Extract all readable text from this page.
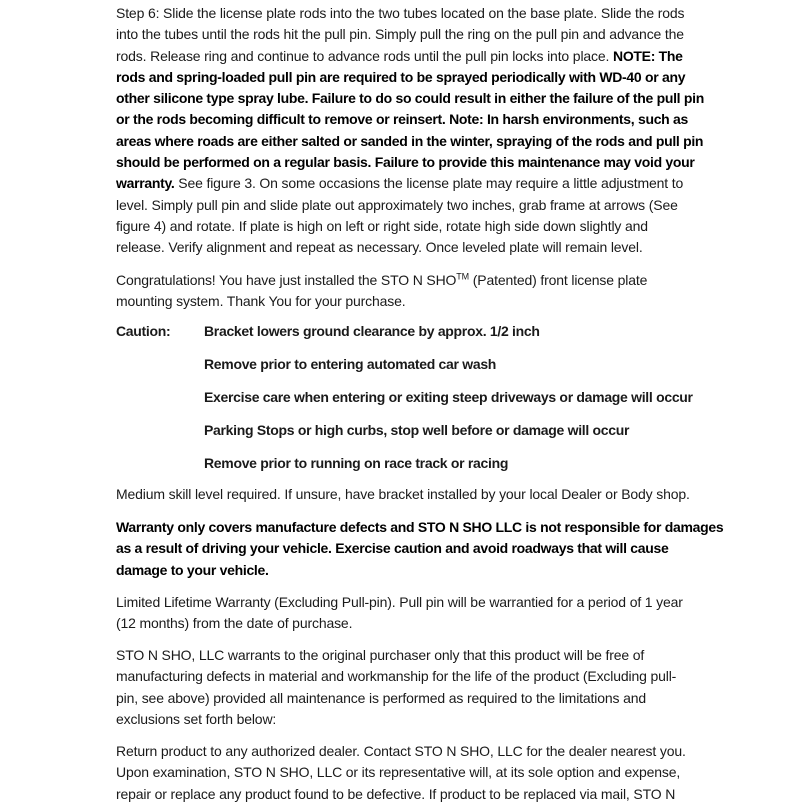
Caution: Bracket lowers ground clearance by approx. 1/2 inch
Remove prior to entering automated car wash
Exercise care when entering or exiting steep driveways or damage will occur
Parking Stops or high curbs, stop well before or damage will occur
Remove prior to running on race track or racing
Step 6: Slide the license plate rods into the two tubes located on the base plate. Slide the rods
into the tubes until the rods hit the pull pin. Simply pull the ring on the pull pin and advance the
rods. Release ring and continue to advance rods until the pull pin locks into place. NOTE: The
rods and spring-loaded pull pin are required to be sprayed periodically with WD-40 or any
other silicone type spray lube. Failure to do so could result in either the failure of the pull pin
or the rods becoming difficult to remove or reinsert. Note: In harsh environments, such as
areas where roads are either salted or sanded in the winter, spraying of the rods and pull pin
should be performed on a regular basis. Failure to provide this maintenance may void your
warranty. See figure 3. On some occasions the license plate may require a little adjustment to
level. Simply pull pin and slide plate out approximately two inches, grab frame at arrows (See
figure 4) and rotate. If plate is high on left or right side, rotate high side down slightly and
release. Verify alignment and repeat as necessary. Once leveled plate will remain level.
Congratulations! You have just installed the STO N SHO™ (Patented) front license plate
mounting system. Thank You for your purchase.
Medium skill level required. If unsure, have bracket installed by your local Dealer or Body shop.
Warranty only covers manufacture defects and STO N SHO LLC is not responsible for damages
as a result of driving your vehicle. Exercise caution and avoid roadways that will cause
damage to your vehicle.
Limited Lifetime Warranty (Excluding Pull-pin). Pull pin will be warrantied for a period of 1 year
(12 months) from the date of purchase.
STO N SHO, LLC warrants to the original purchaser only that this product will be free of
manufacturing defects in material and workmanship for the life of the product (Excluding pull-
pin, see above) provided all maintenance is performed as required to the limitations and
exclusions set forth below:
Return product to any authorized dealer. Contact STO N SHO, LLC for the dealer nearest you.
Upon examination, STO N SHO, LLC or its representative will, at its sole option and expense,
repair or replace any product found to be defective. If product to be replaced via mail, STO N
